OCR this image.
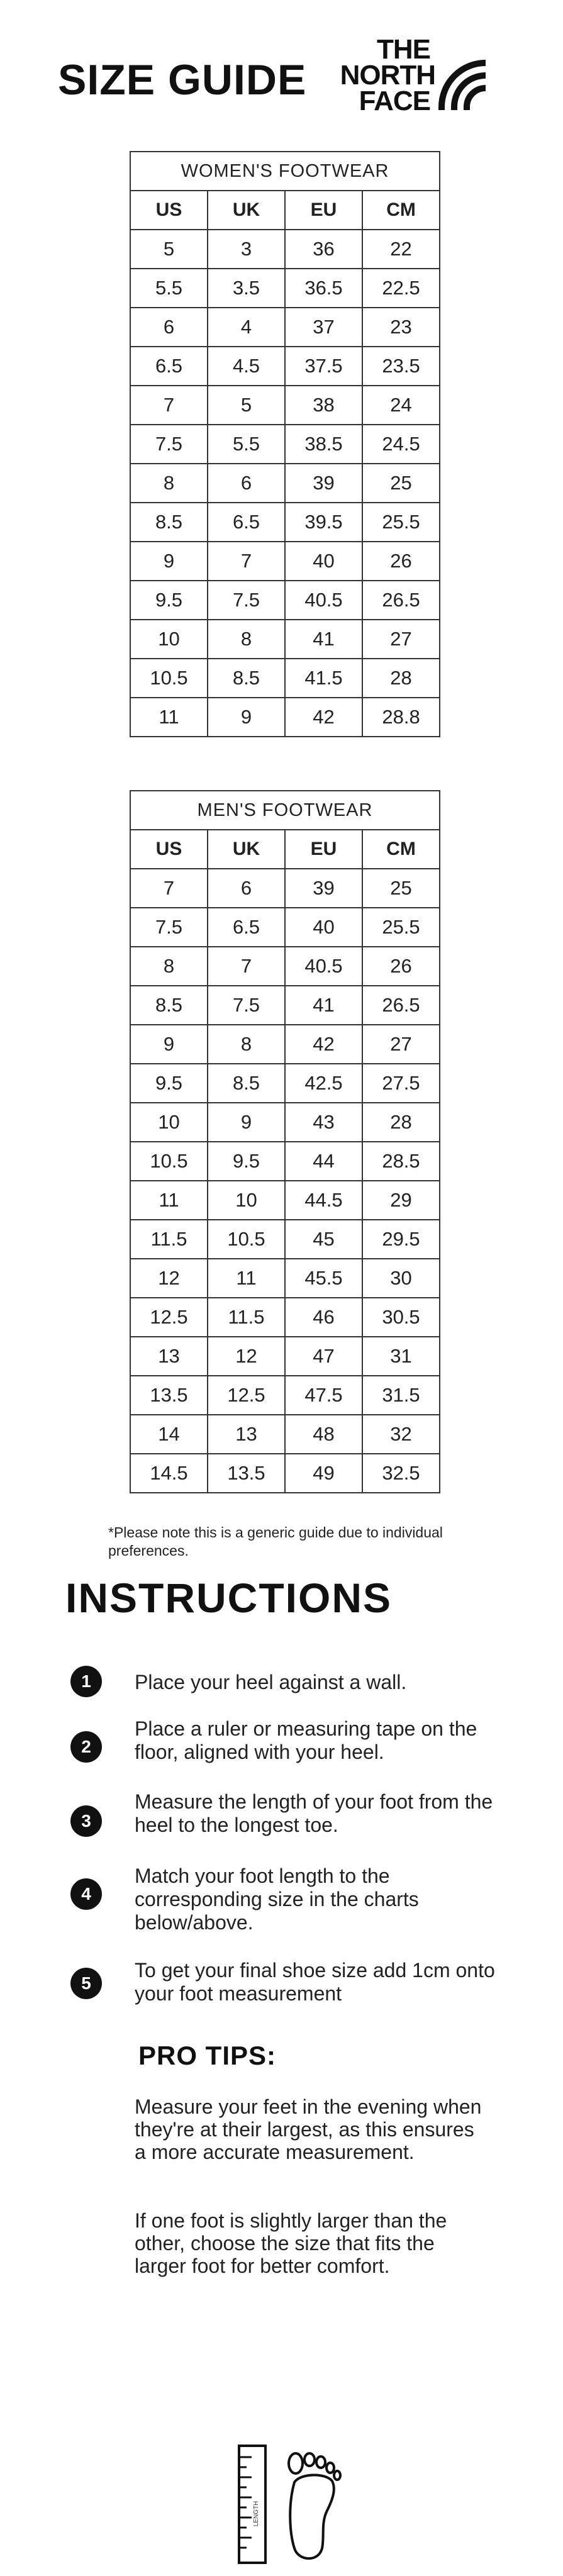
SIZE GUIDE
THE
NORTH
FACE
WOMEN'S FOOTWEAR			
US	UK	EU	CM
5	3	36	22
5.5	3.5	36.5	22.5
6	4	37	23
6.5	4.5	37.5	23.5
7	5	38	24
7.5	5.5	38.5	24.5
8	6	39	25
8.5	6.5	39.5	25.5
9	7	40	26
9.5	7.5	40.5	26.5
10	8	41	27
10.5	8.5	41.5	28
11	9	42	28.8
MEN'S FOOTWEAR			
US	UK	EU	CM
7	6	39	25
7.5	6.5	40	25.5
8	7	40.5	26
8.5	7.5	41	26.5
9	8	42	27
9.5	8.5	42.5	27.5
10	9	43	28
10.5	9.5	44	28.5
11	10	44.5	29
11.5	10.5	45	29.5
12	11	45.5	30
12.5	11.5	46	30.5
13	12	47	31
13.5	12.5	47.5	31.5
14	13	48	32
14.5	13.5	49	32.5
*Please note this is a generic guide due to individual preferences.
INSTRUCTIONS
1	Place your heel against a wall.
2
Place a ruler or measuring tape on the floor, aligned with your heel.
3
Measure the length of your foot from the heel to the longest toe.
4
Match your foot length to the corresponding size in the charts below/above.
5
To get your final shoe size add 1cm onto your foot measurement
PRO TIPS:
Measure your feet in the evening when they're at their largest, as this ensures a more accurate measurement.
If one foot is slightly larger than the other, choose the size that fits the larger foot for better comfort.
LENGTH
